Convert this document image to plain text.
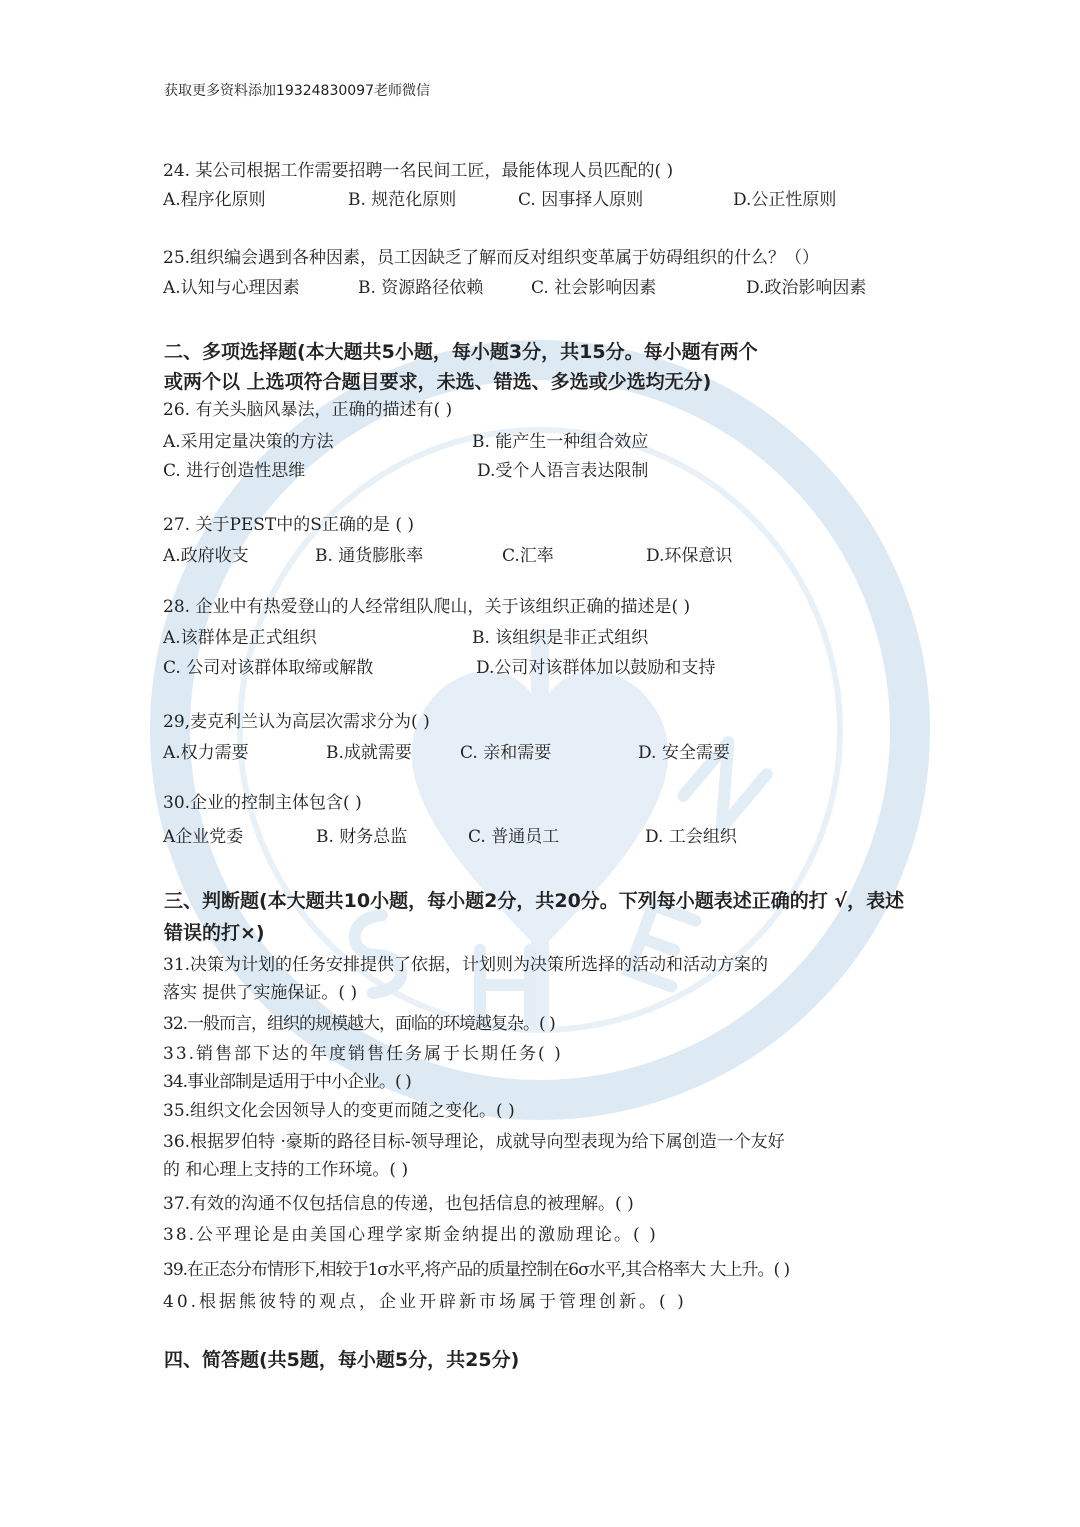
获取更多资料添加19324830097老师微信
24. 某公司根据工作需要招聘一名民间工匠，最能体现人员匹配的( )
A.程序化原则	B. 规范化原则	C. 因事择人原则	D.公正性原则
25.组织编会遇到各种因素，员工因缺乏了解而反对组织变革属于妨碍组织的什么？（）
A.认知与心理因素	B. 资源路径依赖	C. 社会影响因素	D.政治影响因素
二、多项选择题(本大题共5小题，每小题3分，共15分。每小题有两个
或两个以 上选项符合题目要求，未选、错选、多选或少选均无分)
26. 有关头脑风暴法，正确的描述有( )
A.采用定量决策的方法	B. 能产生一种组合效应
C. 进行创造性思维	D.受个人语言表达限制
27. 关于PEST中的S正确的是 ( )
A.政府收支	B. 通货膨胀率	C.汇率	D.环保意识
28. 企业中有热爱登山的人经常组队爬山，关于该组织正确的描述是( )
A.该群体是正式组织	B. 该组织是非正式组织
C. 公司对该群体取缔或解散	D.公司对该群体加以鼓励和支持
29,麦克利兰认为高层次需求分为( )
A.权力需要	B.成就需要	C. 亲和需要	D. 安全需要
30.企业的控制主体包含( )
A企业党委	B. 财务总监	C. 普通员工	D. 工会组织
三、判断题(本大题共10小题，每小题2分，共20分。下列每小题表述正确的打 √，表述
错误的打×)
31.决策为计划的任务安排提供了依据，计划则为决策所选择的活动和活动方案的
落实 提供了实施保证。( )
32.一般而言，组织的规模越大，面临的环境越复杂。( )
33.销售部下达的年度销售任务属于长期任务( )
34.事业部制是适用于中小企业。( )
35.组织文化会因领导人的变更而随之变化。( )
36.根据罗伯特 ·豪斯的路径目标-领导理论，成就导向型表现为给下属创造一个友好
的 和心理上支持的工作环境。( )
37.有效的沟通不仅包括信息的传递，也包括信息的被理解。( )
38.公平理论是由美国心理学家斯金纳提出的激励理论。( )
39.在正态分布情形下,相较于1σ水平,将产品的质量控制在6σ水平,其合格率大 大上升。( )
40.根据熊彼特的观点，企业开辟新市场属于管理创新。( )
四、简答题(共5题，每小题5分，共25分)
